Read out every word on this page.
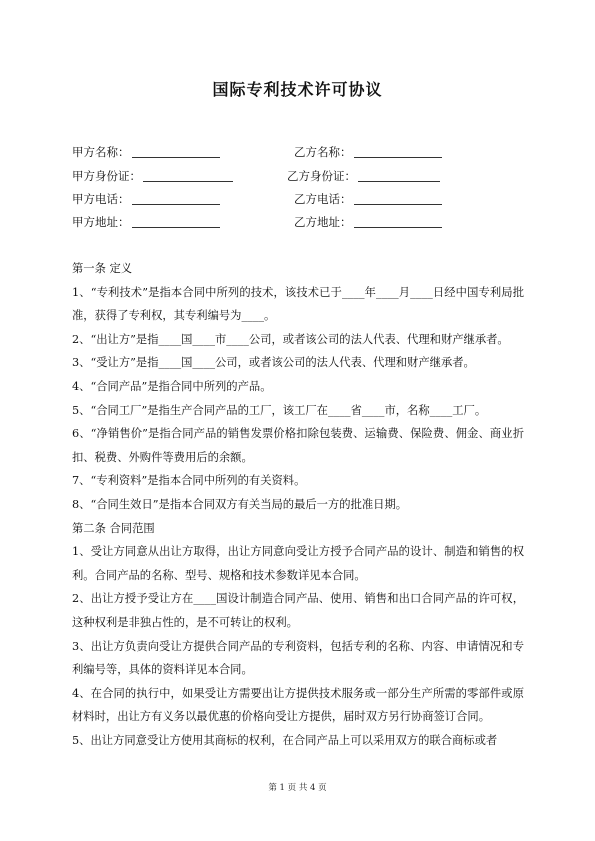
国际专利技术许可协议
甲方名称：	乙方名称：
甲方身份证：	乙方身份证：
甲方电话：	乙方电话：
甲方地址：	乙方地址：

第一条 定义

1、“专利技术”是指本合同中所列的技术，该技术已于____年____月____日经中国专利局批准，获得了专利权，其专利编号为____。

2、“出让方”是指____国____市____公司，或者该公司的法人代表、代理和财产继承者。

3、“受让方”是指____国____公司，或者该公司的法人代表、代理和财产继承者。

4、“合同产品”是指合同中所列的产品。

5、“合同工厂”是指生产合同产品的工厂，该工厂在____省____市，名称____工厂。

6、“净销售价”是指合同产品的销售发票价格扣除包装费、运输费、保险费、佣金、商业折扣、税费、外购件等费用后的余额。

7、“专利资料”是指本合同中所列的有关资料。

8、“合同生效日”是指本合同双方有关当局的最后一方的批准日期。

第二条 合同范围

1、受让方同意从出让方取得，出让方同意向受让方授予合同产品的设计、制造和销售的权利。合同产品的名称、型号、规格和技术参数详见本合同。

2、出让方授予受让方在____国设计制造合同产品、使用、销售和出口合同产品的许可权，这种权利是非独占性的，是不可转让的权利。

3、出让方负责向受让方提供合同产品的专利资料，包括专利的名称、内容、申请情况和专利编号等，具体的资料详见本合同。

4、在合同的执行中，如果受让方需要出让方提供技术服务或一部分生产所需的零部件或原材料时，出让方有义务以最优惠的价格向受让方提供，届时双方另行协商签订合同。

5、出让方同意受让方使用其商标的权利，在合同产品上可以采用双方的联合商标或者

第 1 页 共 4 页
